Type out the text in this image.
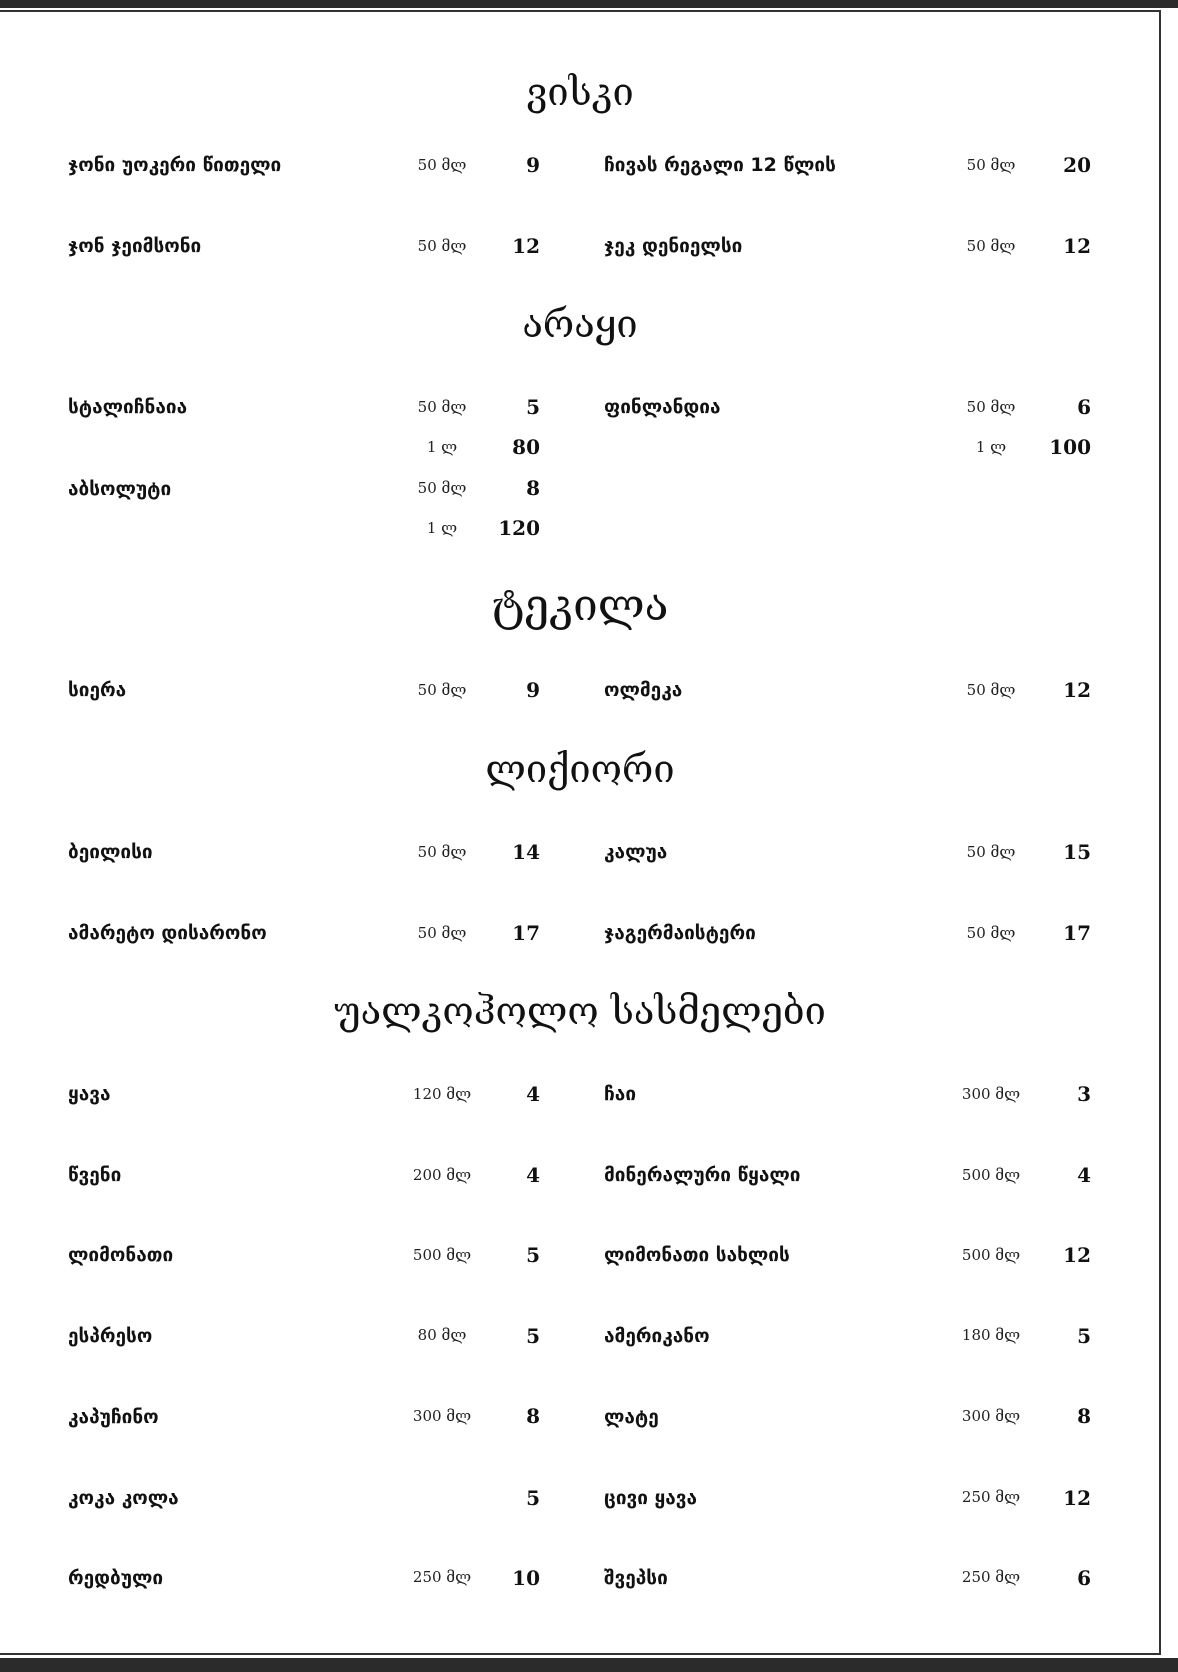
ვისკი
ჯონი უოკერი წითელი	50 მლ	9	ჩივას რეგალი 12 წლის	50 მლ	20
ჯონ ჯეიმსონი	50 მლ	12	ჯეკ დენიელსი	50 მლ	12
არაყი
სტალიჩნაია	50 მლ	5
1 ლ	80
ფინლანდია	50 მლ	6
1 ლ	100
აბსოლუტი	50 მლ	8
1 ლ	120
ტეკილა
სიერა	50 მლ	9	ოლმეკა	50 მლ	12
ლიქიორი
ბეილისი	50 მლ	14	კალუა	50 მლ	15
ამარეტო დისარონო	50 მლ	17	ჯაგერმაისტერი	50 მლ	17
უალკოჰოლო სასმელები
ყავა	120 მლ	4	ჩაი	300 მლ	3
წვენი	200 მლ	4	მინერალური წყალი	500 მლ	4
ლიმონათი	500 მლ	5	ლიმონათი სახლის	500 მლ	12
ესპრესო	80 მლ	5	ამერიკანო	180 მლ	5
კაპუჩინო	300 მლ	8	ლატე	300 მლ	8
კოკა კოლა	5	ცივი ყავა	250 მლ	12
რედბული	250 მლ	10	შვეპსი	250 მლ	6
